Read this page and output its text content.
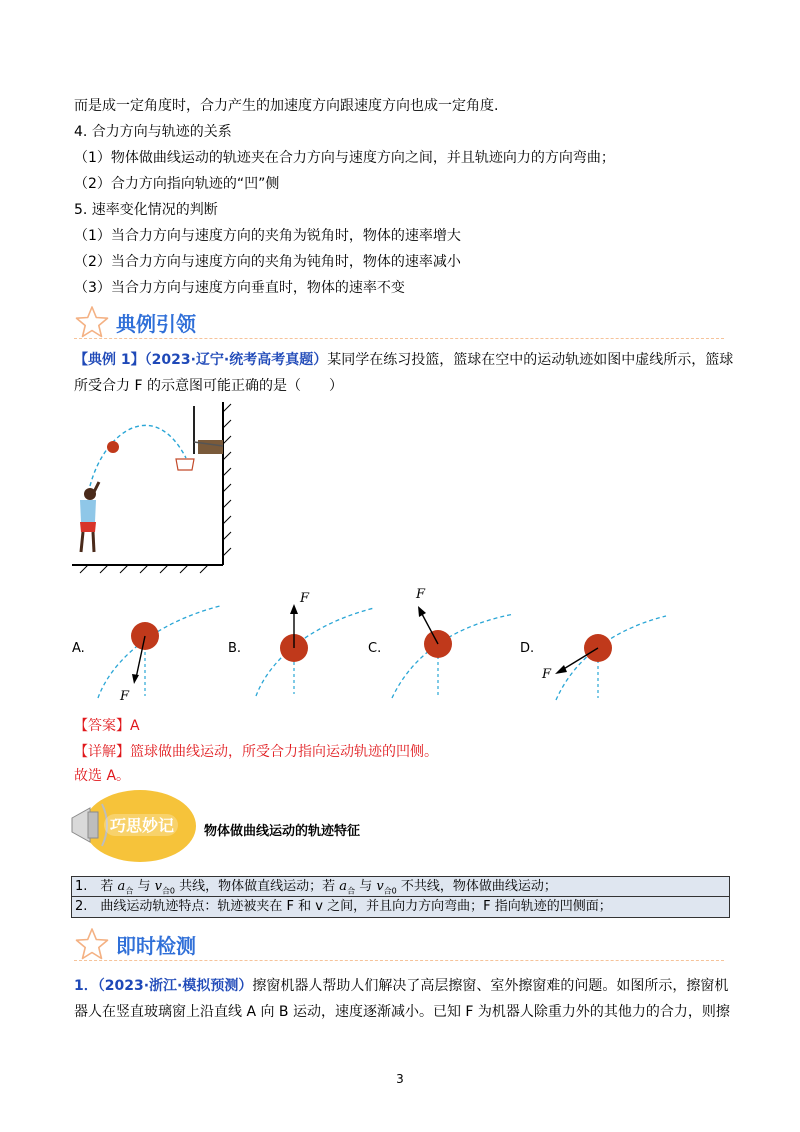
而是成一定角度时，合力产生的加速度方向跟速度方向也成一定角度.
4. 合力方向与轨迹的关系
（1）物体做曲线运动的轨迹夹在合力方向与速度方向之间，并且轨迹向力的方向弯曲；
（2）合力方向指向轨迹的“凹”侧
5. 速率变化情况的判断
（1）当合力方向与速度方向的夹角为锐角时，物体的速率增大
（2）当合力方向与速度方向的夹角为钝角时，物体的速率减小
（3）当合力方向与速度方向垂直时，物体的速率不变
典例引领
【典例 1】（2023·辽宁·统考高考真题）某同学在练习投篮，篮球在空中的运动轨迹如图中虚线所示，篮球
所受合力 F 的示意图可能正确的是（　　）
A.
F
B.
F
C.
F
D.
F
【答案】A
【详解】篮球做曲线运动，所受合力指向运动轨迹的凹侧。
故选 A。
巧思妙记 物体做曲线运动的轨迹特征
1.　若 $a_合$ 与 $v_{合0}$ 共线，物体做直线运动；若 $a_合$ 与 $v_{合0}$ 不共线，物体做曲线运动；
2.　曲线运动轨迹特点：轨迹被夹在 F 和 v 之间，并且向力方向弯曲；F 指向轨迹的凹侧面；
即时检测
1．（2023·浙江·模拟预测）擦窗机器人帮助人们解决了高层擦窗、室外擦窗难的问题。如图所示，擦窗机
器人在竖直玻璃窗上沿直线 A 向 B 运动，速度逐渐减小。已知 F 为机器人除重力外的其他力的合力，则擦
3
